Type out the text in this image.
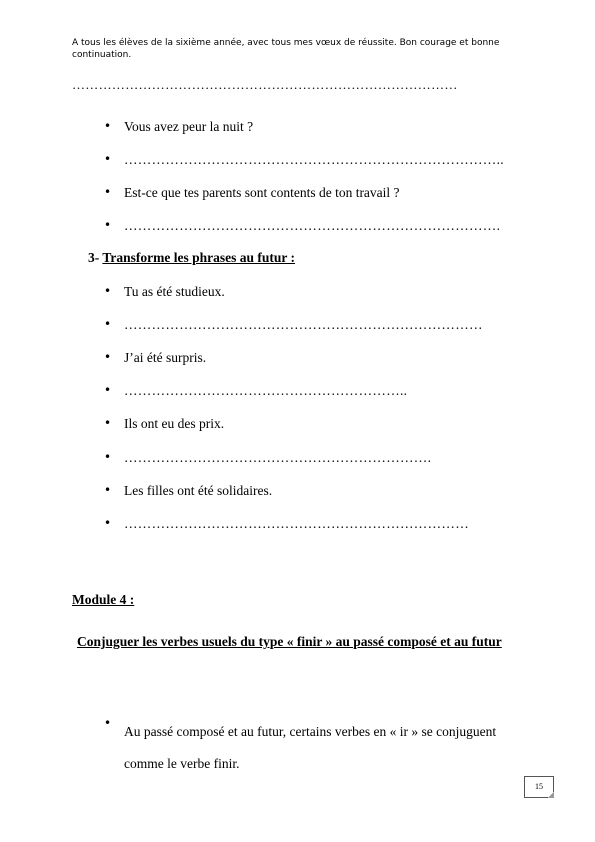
A tous les élèves de la sixième année, avec tous mes vœux de réussite. Bon courage et bonne continuation.
……………………………………………………………………………
• Vous avez peur la nuit ?
• ………………………………………………………………………..
• Est-ce que tes parents sont contents de ton travail ?
• ……………………………………………………………………….
3- Transforme les phrases au futur :
• Tu as été studieux.
• ……………………………………………………………………
• J’ai été surpris.
• ……………………………………………………..
• Ils ont eu des prix.
• ………………………………………………………….
• Les filles ont été solidaires.
• …………………………………………………………………
Module 4 :
Conjuguer les verbes usuels du type « finir » au passé composé et au futur
•
Au passé composé et au futur, certains verbes en « ir » se conjuguent comme le verbe finir.
15
